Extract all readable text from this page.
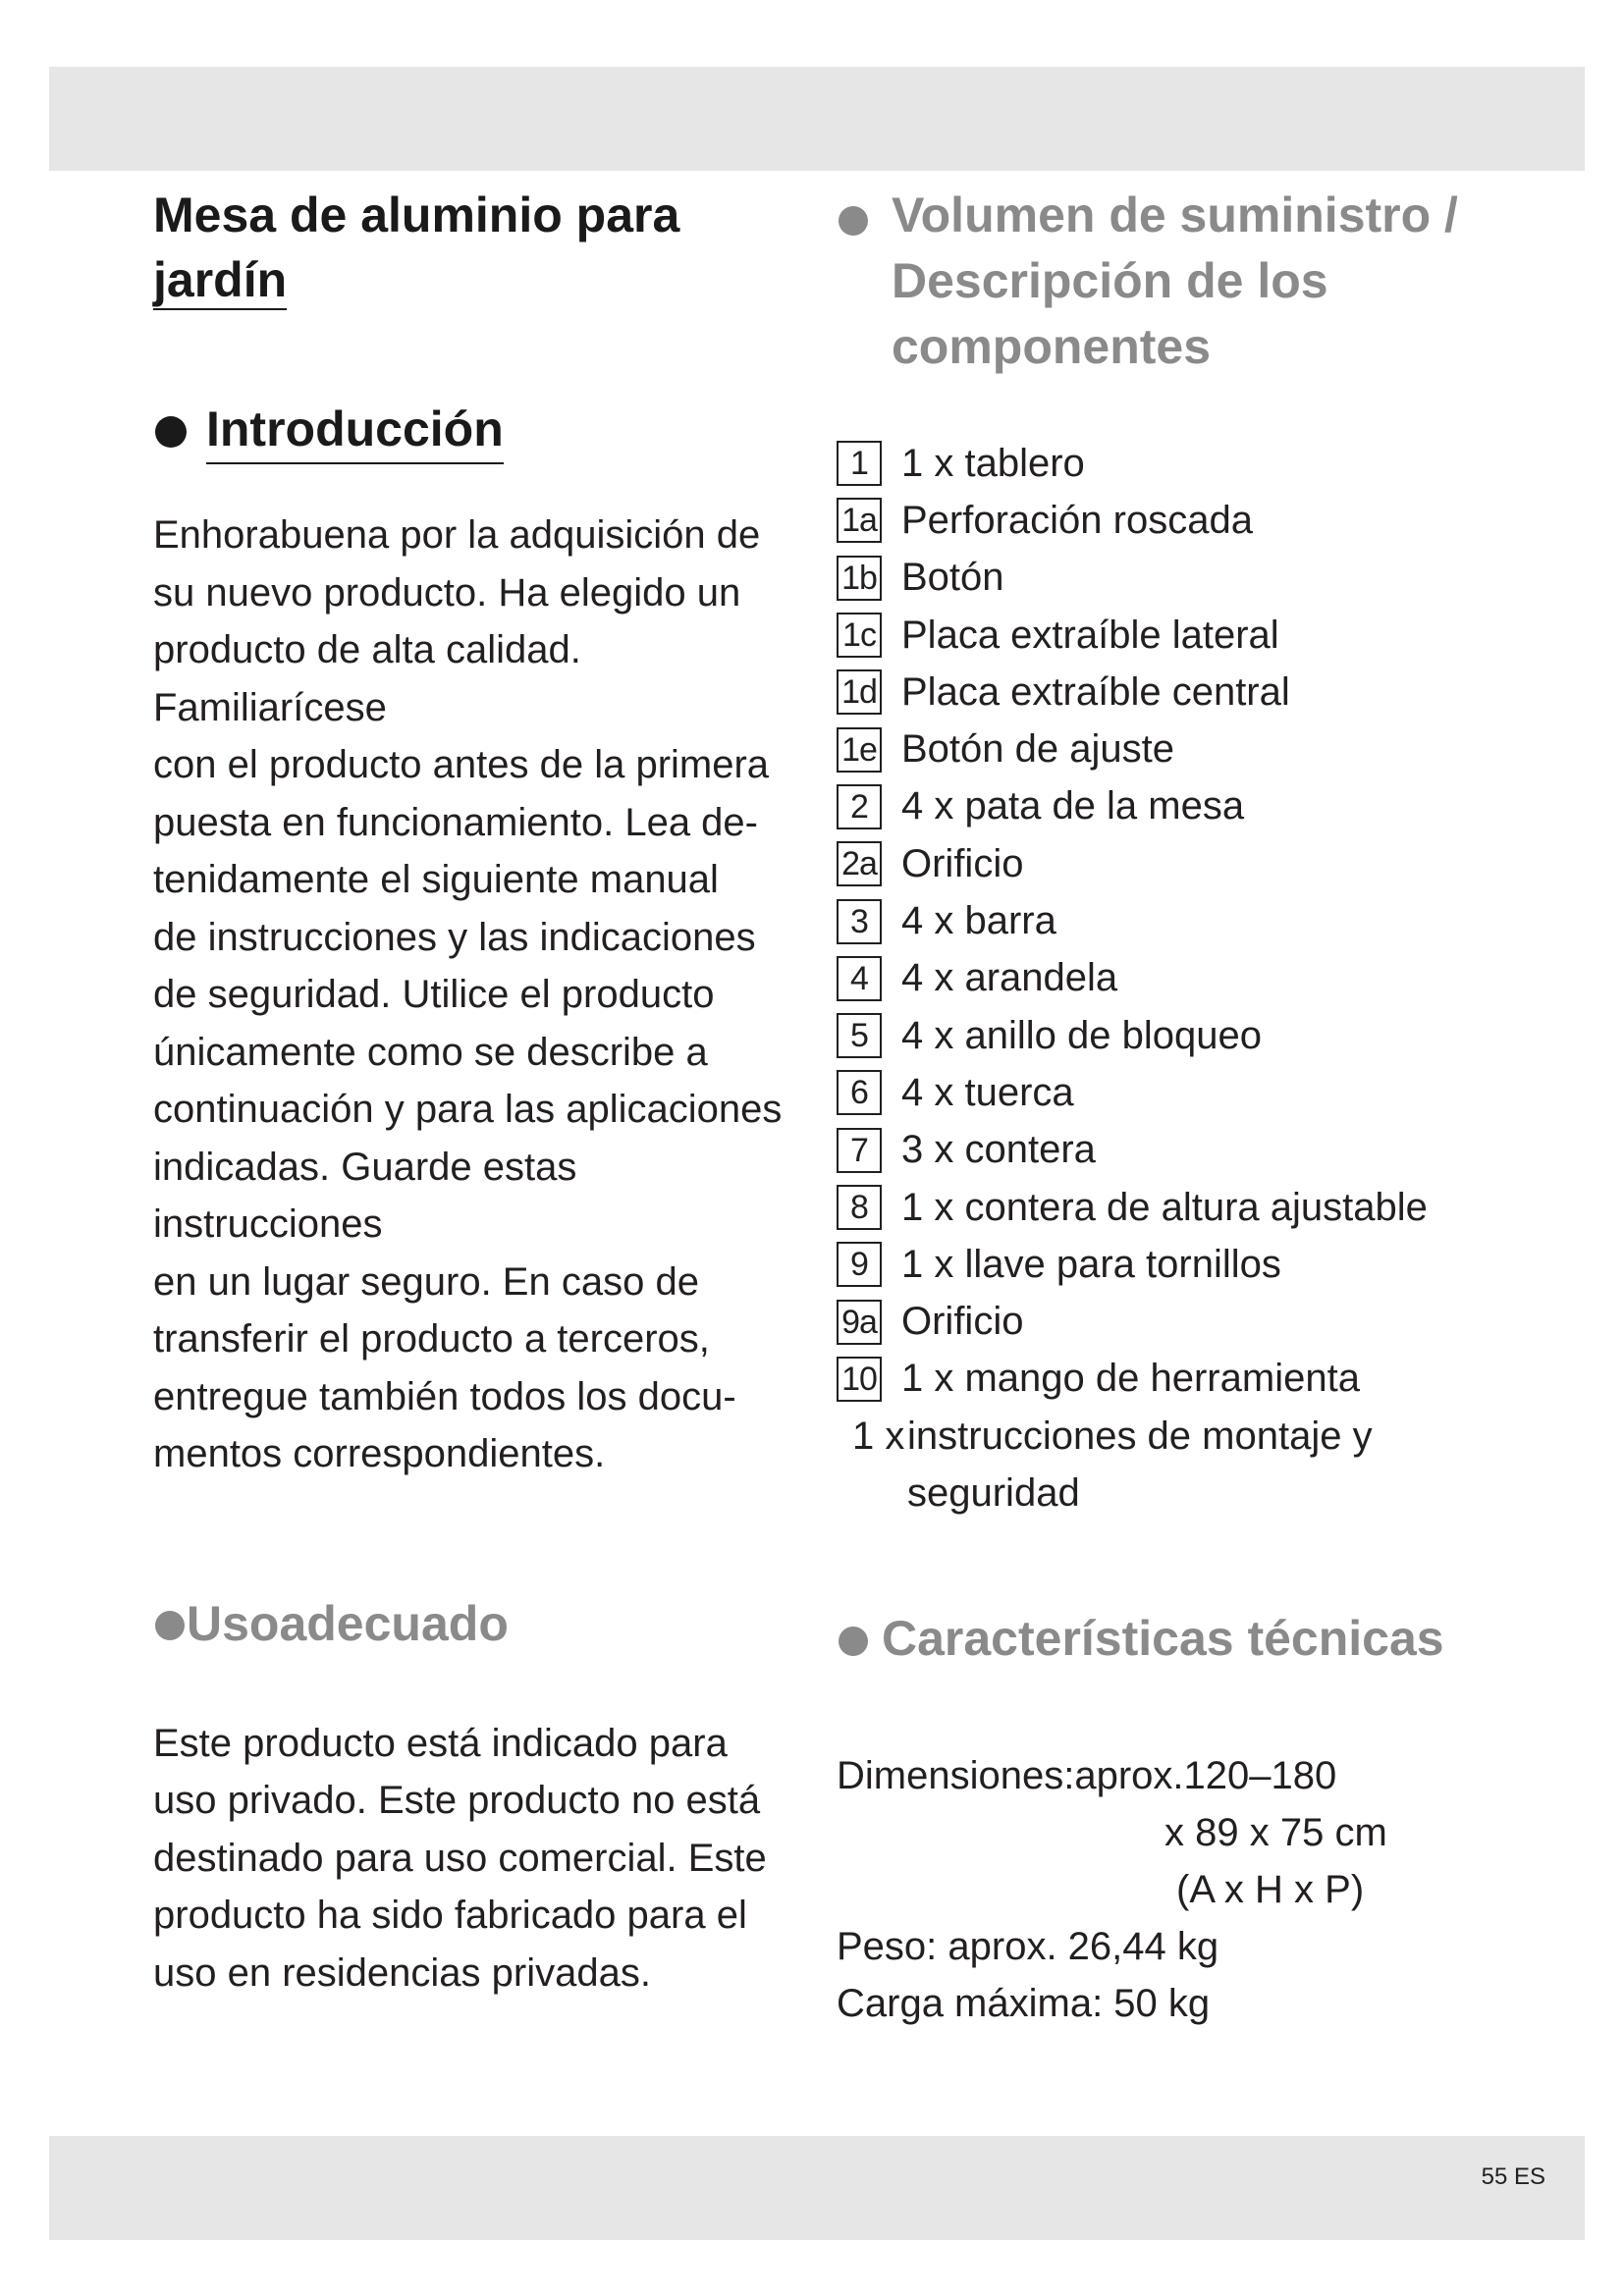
Mesa de aluminio para
jardín
Introducción
Enhorabuena por la adquisición de
su nuevo producto. Ha elegido un
producto de alta calidad. Familiarícese
con el producto antes de la primera
puesta en funcionamiento. Lea de-
tenidamente el siguiente manual
de instrucciones y las indicaciones
de seguridad. Utilice el producto
únicamente como se describe a
continuación y para las aplicaciones
indicadas. Guarde estas instrucciones
en un lugar seguro. En caso de
transferir el producto a terceros,
entregue también todos los docu-
mentos correspondientes.
Usoadecuado
Este producto está indicado para
uso privado. Este producto no está
destinado para uso comercial. Este
producto ha sido fabricado para el
uso en residencias privadas.
Volumen de suministro /
Descripción de los
componentes
1 1 x tablero
1a Perforación roscada
1b Botón
1c Placa extraíble lateral
1d Placa extraíble central
1e Botón de ajuste
2 4 x pata de la mesa
2a Orificio
3 4 x barra
4 4 x arandela
5 4 x anillo de bloqueo
6 4 x tuerca
7 3 x contera
8 1 x contera de altura ajustable
9 1 x llave para tornillos
9a Orificio
10 1 x mango de herramienta

1 xinstrucciones de montaje y
seguridad

Características técnicas

Dimensiones:aprox.120–180

x 89 x 75 cm

(A x H x P)

Peso: aprox. 26,44 kg

Carga máxima: 50 kg

55 ES
